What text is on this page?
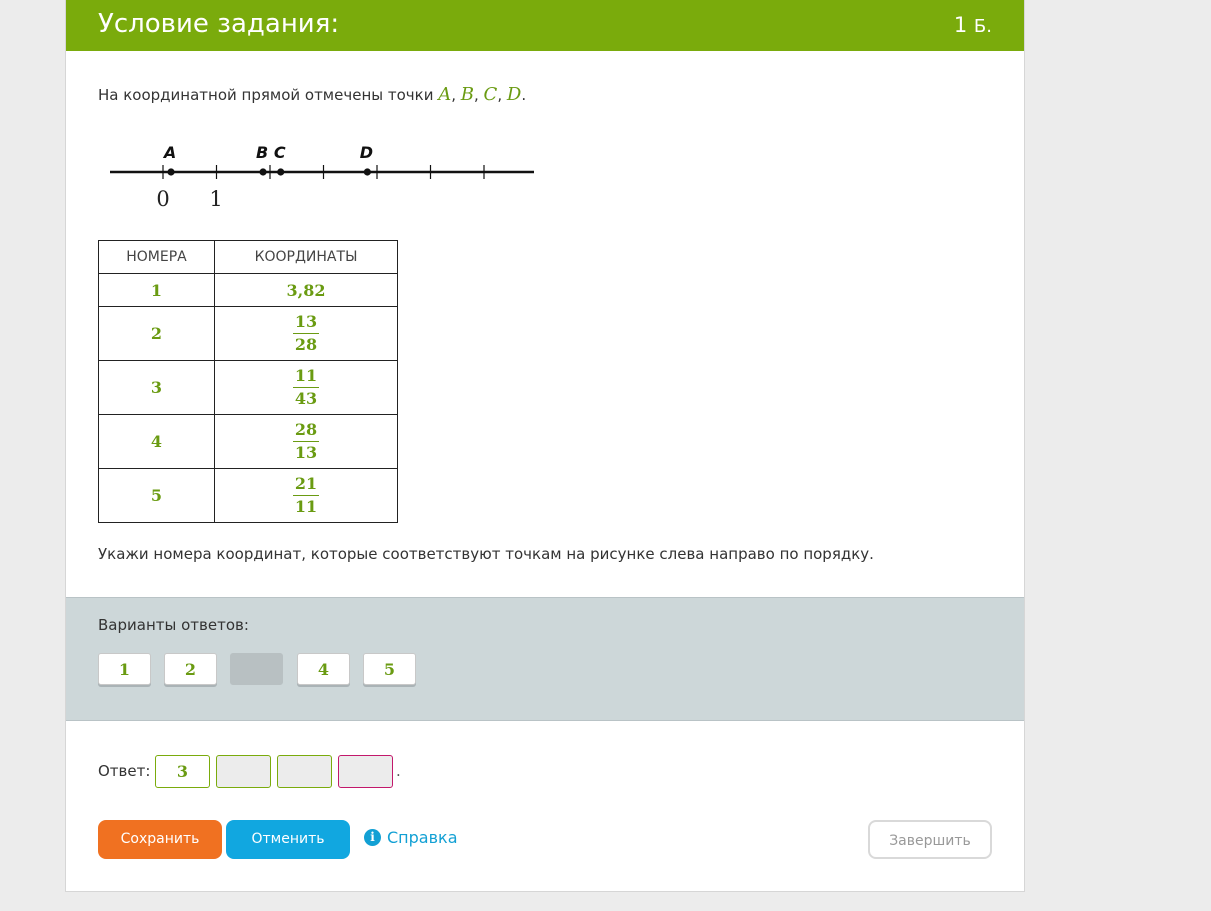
Условие задания:	1 Б.
На координатной прямой отмечены точки A, B, C, D.
A	B C	D
0 1
НОМЕРА	КООРДИНАТЫ
1	3,82
2	$\frac{13}{28}$

3	$\frac{11}{43}$

4	$\frac{28}{13}$

5	$\frac{21}{11}$
Укажи номера координат, которые соответствуют точкам на рисунке слева направо по порядку.
Варианты ответов:
1	2	4	5
Ответ:	3	.
Сохранить	Отменить	i Справка	Завершить
